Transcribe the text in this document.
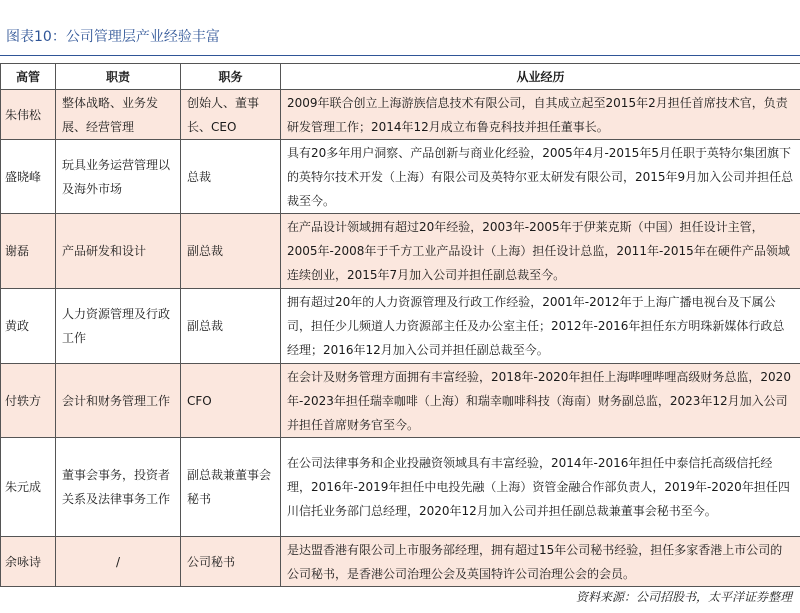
图表10：公司管理层产业经验丰富
高管	职责	职务	从业经历
朱伟松	整体战略、业务发展、经营管理	创始人、董事长、CEO	2009年联合创立上海游族信息技术有限公司，自其成立起至2015年2月担任首席技术官，负责研发管理工作；2014年12月成立布鲁克科技并担任董事长。
盛晓峰	玩具业务运营管理以及海外市场	总裁	具有20多年用户洞察、产品创新与商业化经验，2005年4月-2015年5月任职于英特尔集团旗下的英特尔技术开发（上海）有限公司及英特尔亚太研发有限公司，2015年9月加入公司并担任总裁至今。
谢磊	产品研发和设计	副总裁	在产品设计领域拥有超过20年经验，2003年-2005年于伊莱克斯（中国）担任设计主管，2005年-2008年于千方工业产品设计（上海）担任设计总监，2011年-2015年在硬件产品领域连续创业，2015年7月加入公司并担任副总裁至今。
黄政	人力资源管理及行政工作	副总裁	拥有超过20年的人力资源管理及行政工作经验，2001年-2012年于上海广播电视台及下属公司，担任少儿频道人力资源部主任及办公室主任；2012年-2016年担任东方明珠新媒体行政总经理；2016年12月加入公司并担任副总裁至今。
付轶方	会计和财务管理工作	CFO	在会计及财务管理方面拥有丰富经验，2018年-2020年担任上海哔哩哔哩高级财务总监，2020年-2023年担任瑞幸咖啡（上海）和瑞幸咖啡科技（海南）财务副总监，2023年12月加入公司并担任首席财务官至今。
朱元成	董事会事务，投资者关系及法律事务工作	副总裁兼董事会秘书	在公司法律事务和企业投融资领域具有丰富经验，2014年-2016年担任中泰信托高级信托经理，2016年-2019年担任中电投先融（上海）资管金融合作部负责人，2019年-2020年担任四川信托业务部门总经理，2020年12月加入公司并担任副总裁兼董事会秘书至今。
余咏诗	/	公司秘书	是达盟香港有限公司上市服务部经理，拥有超过15年公司秘书经验，担任多家香港上市公司的公司秘书，是香港公司治理公会及英国特许公司治理公会的会员。
资料来源：公司招股书，太平洋证券整理
